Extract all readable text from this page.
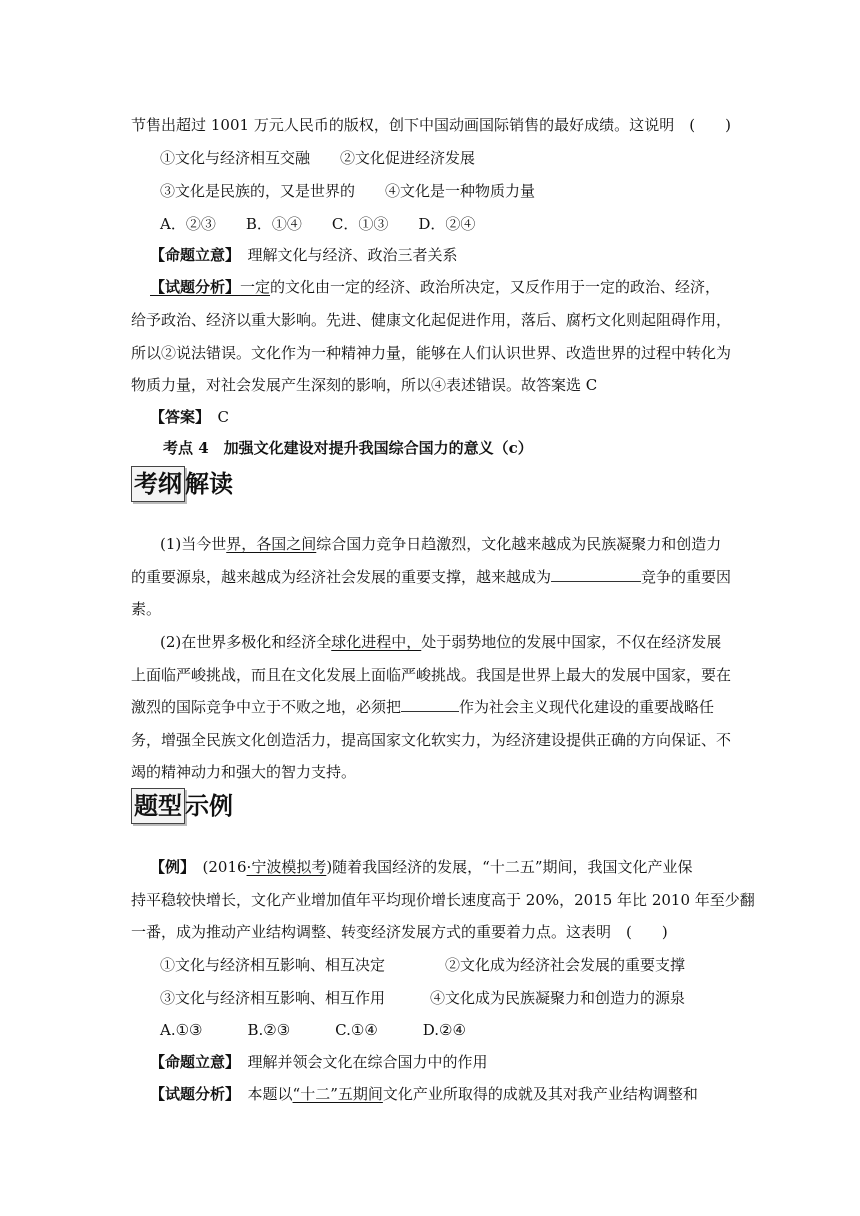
节售出超过 1001 万元人民币的版权，创下中国动画国际销售的最好成绩。这说明　(　　)
①文化与经济相互交融　　②文化促进经济发展
③文化是民族的，又是世界的　　④文化是一种物质力量
A．②③　　B．①④　　C．①③　　D．②④
【命题立意】　理解文化与经济、政治三者关系
【试题分析】一定的文化由一定的经济、政治所决定，又反作用于一定的政治、经济，
给予政治、经济以重大影响。先进、健康文化起促进作用，落后、腐朽文化则起阻碍作用，
所以②说法错误。文化作为一种精神力量，能够在人们认识世界、改造世界的过程中转化为
物质力量，对社会发展产生深刻的影响，所以④表述错误。故答案选 C
【答案】　C
考点 4　加强文化建设对提升我国综合国力的意义（c）
考纲 解读
(1)当今世界，各国之间综合国力竞争日趋激烈，文化越来越成为民族凝聚力和创造力
的重要源泉，越来越成为经济社会发展的重要支撑，越来越成为	竞争的重要因
素。
(2)在世界多极化和经济全球化进程中，处于弱势地位的发展中国家，不仅在经济发展
上面临严峻挑战，而且在文化发展上面临严峻挑战。我国是世界上最大的发展中国家，要在
激烈的国际竞争中立于不败之地，必须把	作为社会主义现代化建设的重要战略任
务，增强全民族文化创造活力，提高国家文化软实力，为经济建设提供正确的方向保证、不
竭的精神动力和强大的智力支持。
题型 示例
【例】　(2016·宁波模拟考)随着我国经济的发展，“十二五”期间，我国文化产业保
持平稳较快增长，文化产业增加值年平均现价增长速度高于 20%，2015 年比 2010 年至少翻
一番，成为推动产业结构调整、转变经济发展方式的重要着力点。这表明　(　　)
①文化与经济相互影响、相互决定　　　　②文化成为经济社会发展的重要支撑
③文化与经济相互影响、相互作用　　　④文化成为民族凝聚力和创造力的源泉
A.①③　　　B.②③　　　C.①④　　　D.②④
【命题立意】　理解并领会文化在综合国力中的作用
【试题分析】　本题以“十二”五期间文化产业所取得的成就及其对我产业结构调整和
